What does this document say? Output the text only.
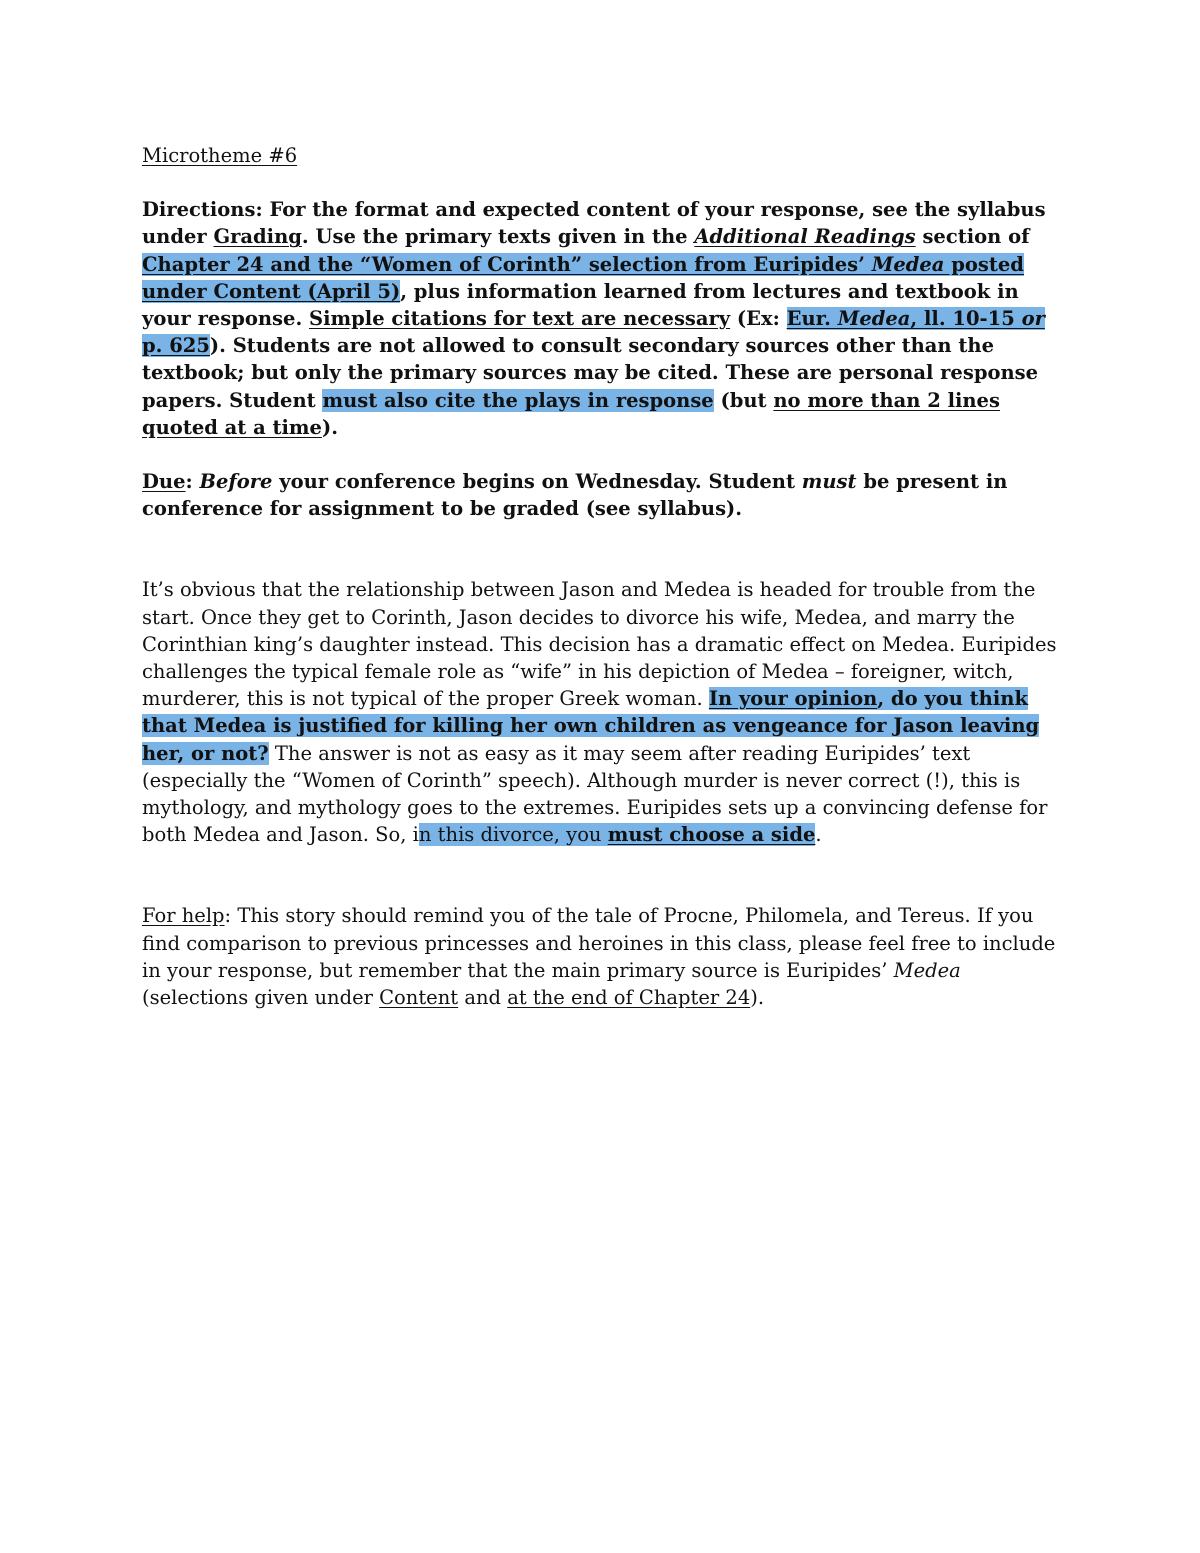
Microtheme #6

Directions: For the format and expected content of your response, see the syllabus under Grading. Use the primary texts given in the Additional Readings section of Chapter 24 and the “Women of Corinth” selection from Euripides’ Medea posted under Content (April 5), plus information learned from lectures and textbook in your response. Simple citations for text are necessary (Ex: Eur. Medea, ll. 10-15 or p. 625). Students are not allowed to consult secondary sources other than the textbook; but only the primary sources may be cited. These are personal response papers. Student must also cite the plays in response (but no more than 2 lines quoted at a time).

Due: Before your conference begins on Wednesday. Student must be present in conference for assignment to be graded (see syllabus).

It’s obvious that the relationship between Jason and Medea is headed for trouble from the start. Once they get to Corinth, Jason decides to divorce his wife, Medea, and marry the Corinthian king’s daughter instead. This decision has a dramatic effect on Medea. Euripides challenges the typical female role as “wife” in his depiction of Medea – foreigner, witch, murderer, this is not typical of the proper Greek woman. In your opinion, do you think that Medea is justified for killing her own children as vengeance for Jason leaving her, or not? The answer is not as easy as it may seem after reading Euripides’ text (especially the “Women of Corinth” speech). Although murder is never correct (!), this is mythology, and mythology goes to the extremes. Euripides sets up a convincing defense for both Medea and Jason. So, in this divorce, you must choose a side.

For help: This story should remind you of the tale of Procne, Philomela, and Tereus. If you find comparison to previous princesses and heroines in this class, please feel free to include in your response, but remember that the main primary source is Euripides’ Medea (selections given under Content and at the end of Chapter 24).
